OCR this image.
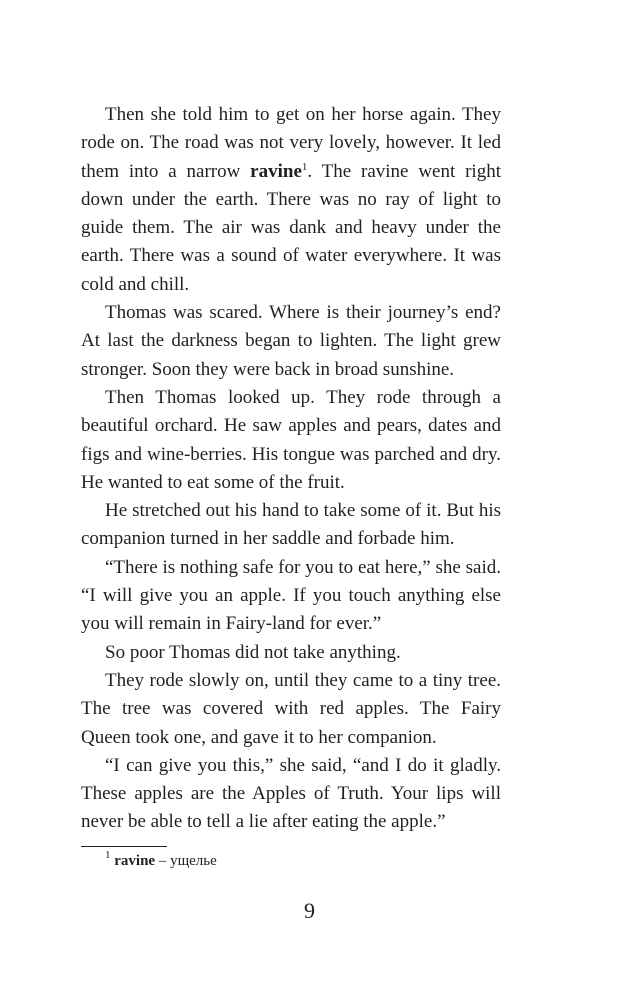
Then she told him to get on her horse again. They rode on. The road was not very lovely, however. It led them into a narrow ravine$^1$. The ravine went right down under the earth. There was no ray of light to guide them. The air was dank and heavy under the earth. There was a sound of water everywhere. It was cold and chill.

Thomas was scared. Where is their journey’s end? At last the darkness began to lighten. The light grew stronger. Soon they were back in broad sunshine.

Then Thomas looked up. They rode through a beautiful orchard. He saw apples and pears, dates and figs and wine-berries. His tongue was parched and dry. He wanted to eat some of the fruit.

He stretched out his hand to take some of it. But his companion turned in her saddle and forbade him.

“There is nothing safe for you to eat here,” she said. “I will give you an apple. If you touch anything else you will remain in Fairy-land for ever.”

So poor Thomas did not take anything.

They rode slowly on, until they came to a tiny tree. The tree was covered with red apples. The Fairy Queen took one, and gave it to her companion.

“I can give you this,” she said, “and I do it gladly. These apples are the Apples of Truth. Your lips will never be able to tell a lie after eating the apple.”

$^1$ ravine – ущелье
9
